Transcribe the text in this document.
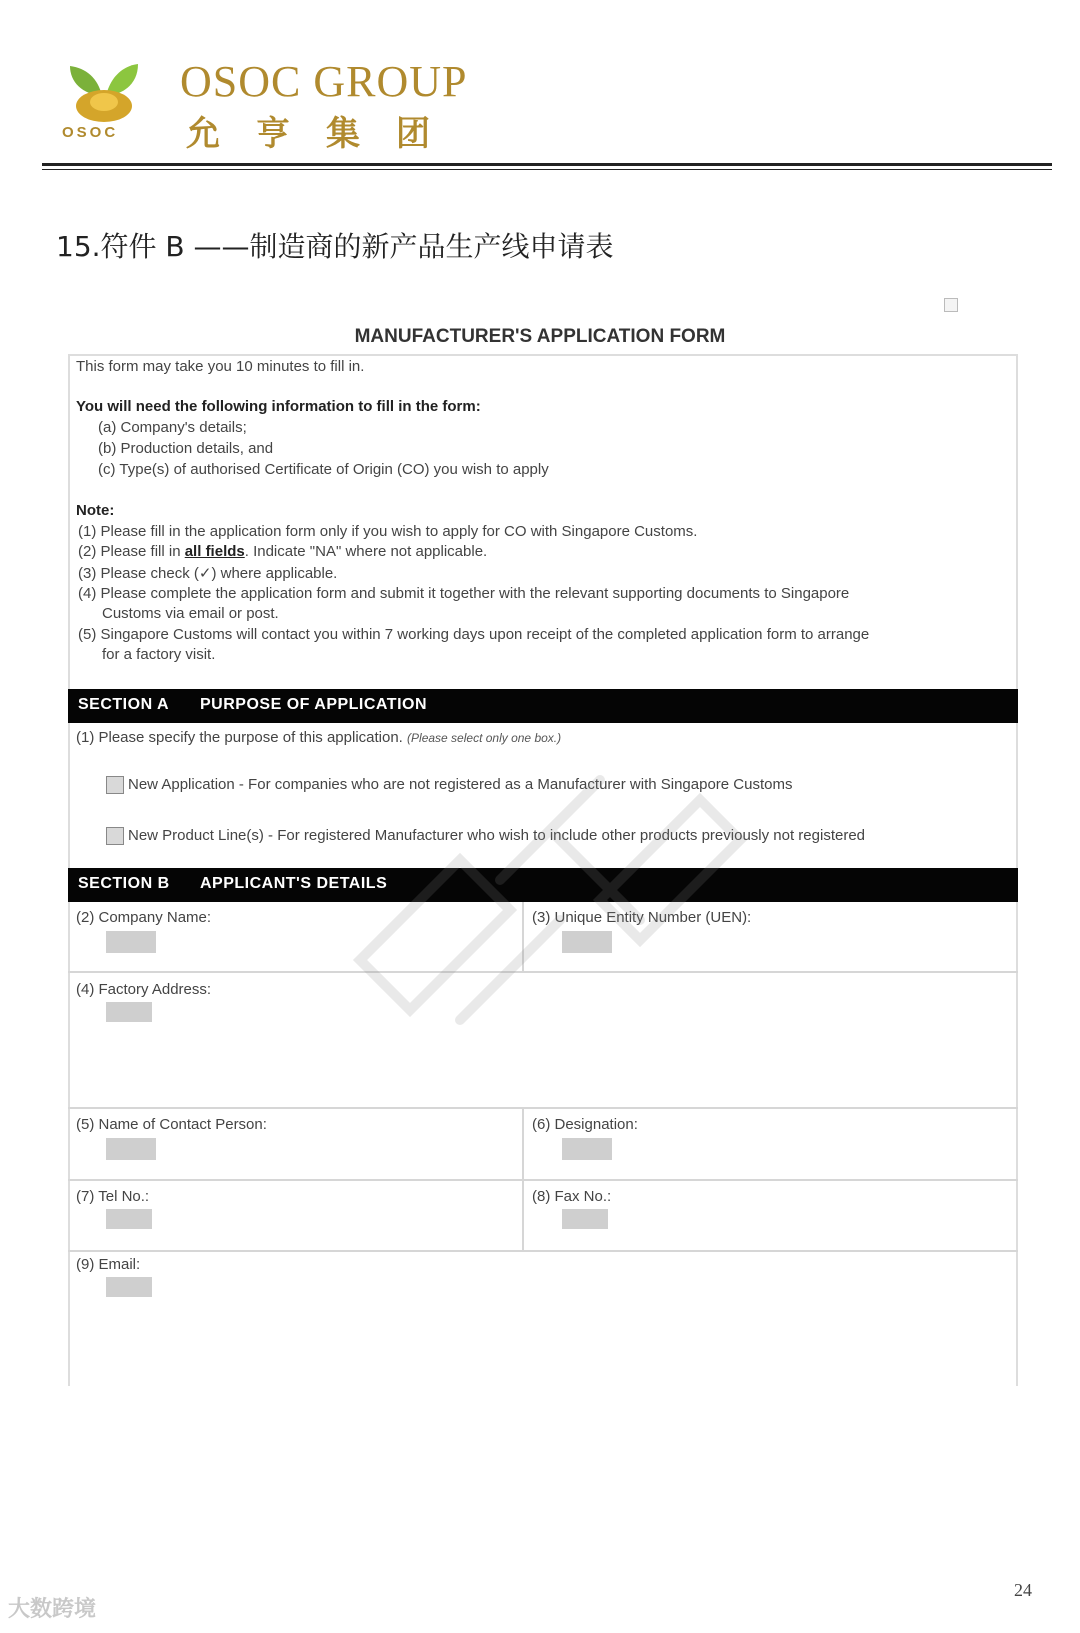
OSOC
OSOC GROUP
允亨集团
15.符件 B ——制造商的新产品生产线申请表
MANUFACTURER'S APPLICATION FORM
This form may take you 10 minutes to fill in.
You will need the following information to fill in the form:
(a) Company's details;
(b) Production details, and
(c) Type(s) of authorised Certificate of Origin (CO) you wish to apply
Note:
(1) Please fill in the application form only if you wish to apply for CO with Singapore Customs.
(2) Please fill in all fields. Indicate "NA" where not applicable.
(3) Please check (✓) where applicable.
(4) Please complete the application form and submit it together with the relevant supporting documents to Singapore
Customs via email or post.
(5) Singapore Customs will contact you within 7 working days upon receipt of the completed application form to arrange
for a factory visit.
SECTION A PURPOSE OF APPLICATION
(1) Please specify the purpose of this application. (Please select only one box.)
New Application - For companies who are not registered as a Manufacturer with Singapore Customs
New Product Line(s) - For registered Manufacturer who wish to include other products previously not registered
SECTION B APPLICANT'S DETAILS
(2) Company Name:	(3) Unique Entity Number (UEN):
(4) Factory Address:
(5) Name of Contact Person:	(6) Designation:
(7) Tel No.:	(8) Fax No.:
(9) Email:
大数跨境
24
